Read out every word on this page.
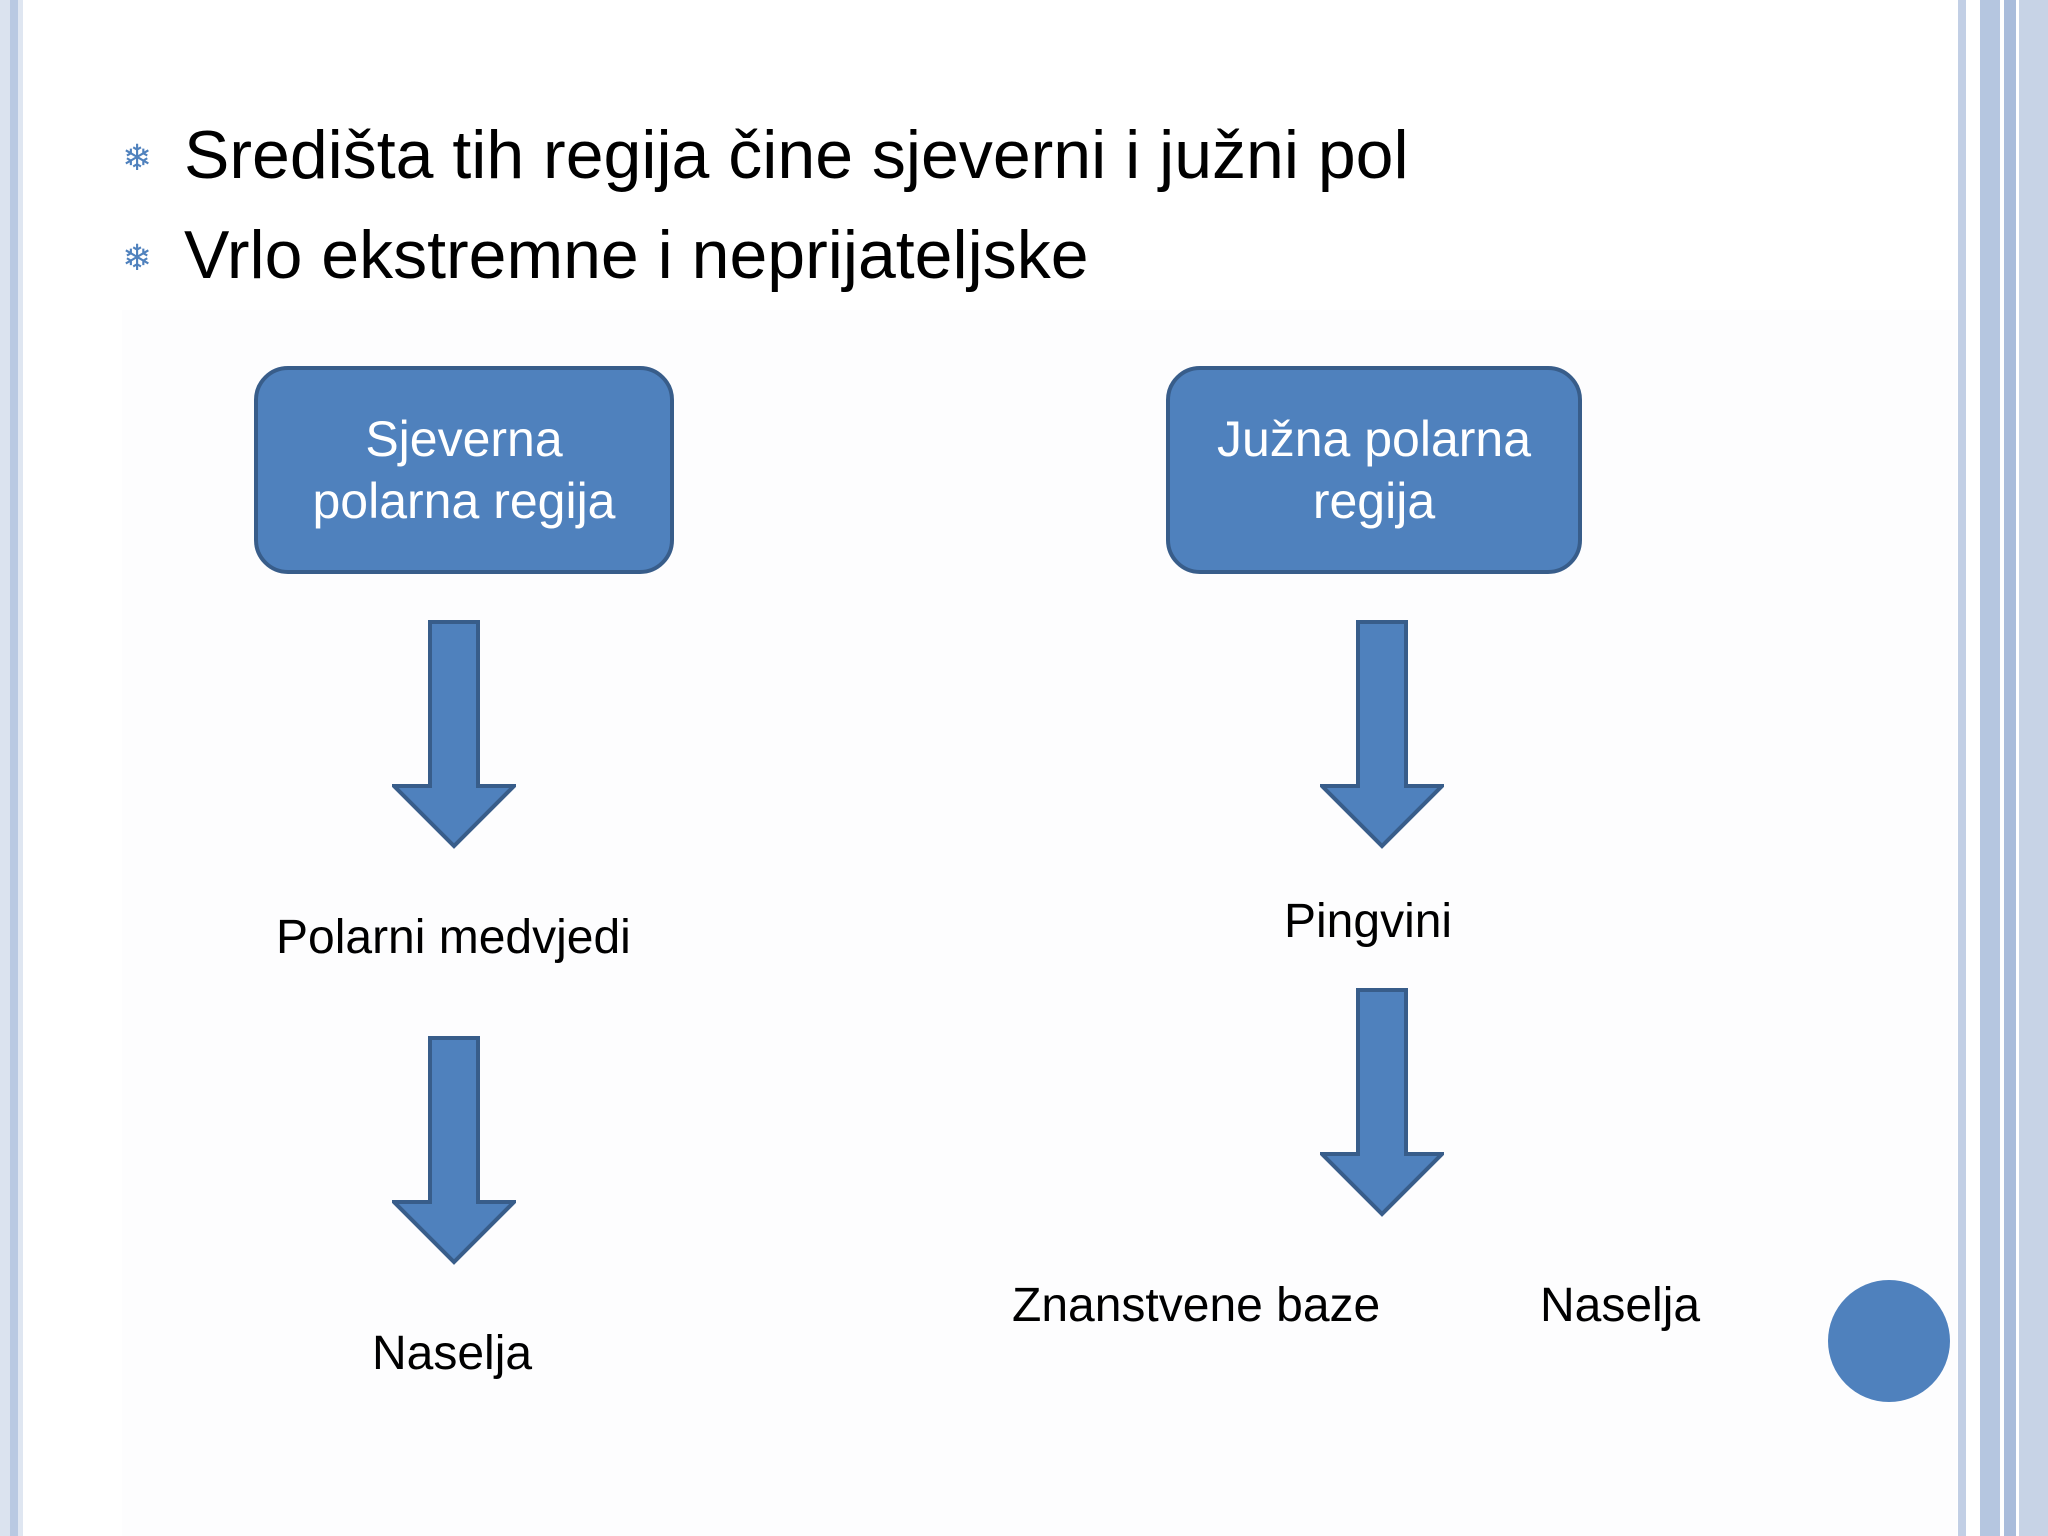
❄ Središta tih regija čine sjeverni i južni pol
❄ Vrlo ekstremne i neprijateljske
Sjeverna
polarna regija
Polarni medvjedi
Naselja
Južna polarna
regija
Pingvini
Znanstvene baze	Naselja
